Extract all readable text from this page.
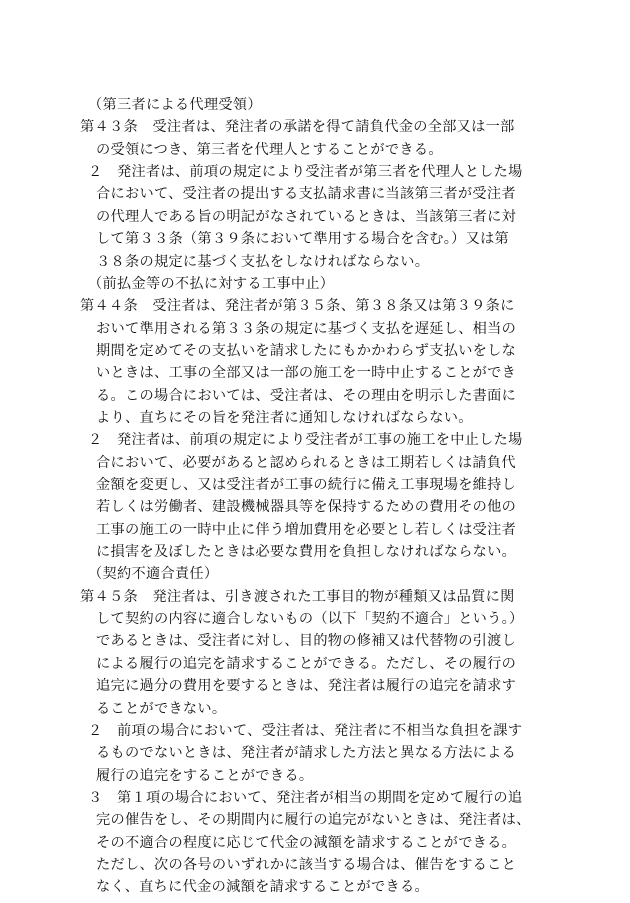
（第三者による代理受領）
第４３条　受注者は、発注者の承諾を得て請負代金の全部又は一部
の受領につき、第三者を代理人とすることができる。
２　発注者は、前項の規定により受注者が第三者を代理人とした場
合において、受注者の提出する支払請求書に当該第三者が受注者
の代理人である旨の明記がなされているときは、当該第三者に対
して第３３条（第３９条において準用する場合を含む。）又は第
３８条の規定に基づく支払をしなければならない。
（前払金等の不払に対する工事中止）
第４４条　受注者は、発注者が第３５条、第３８条又は第３９条に
おいて準用される第３３条の規定に基づく支払を遅延し、相当の
期間を定めてその支払いを請求したにもかかわらず支払いをしな
いときは、工事の全部又は一部の施工を一時中止することができ
る。この場合においては、受注者は、その理由を明示した書面に
より、直ちにその旨を発注者に通知しなければならない。
２　発注者は、前項の規定により受注者が工事の施工を中止した場
合において、必要があると認められるときは工期若しくは請負代
金額を変更し、又は受注者が工事の続行に備え工事現場を維持し
若しくは労働者、建設機械器具等を保持するための費用その他の
工事の施工の一時中止に伴う増加費用を必要とし若しくは受注者
に損害を及ぼしたときは必要な費用を負担しなければならない。
（契約不適合責任）
第４５条　発注者は、引き渡された工事目的物が種類又は品質に関
して契約の内容に適合しないもの（以下「契約不適合」という。）
であるときは、受注者に対し、目的物の修補又は代替物の引渡し
による履行の追完を請求することができる。ただし、その履行の
追完に過分の費用を要するときは、発注者は履行の追完を請求す
ることができない。
２　前項の場合において、受注者は、発注者に不相当な負担を課す
るものでないときは、発注者が請求した方法と異なる方法による
履行の追完をすることができる。
３　第１項の場合において、発注者が相当の期間を定めて履行の追
完の催告をし、その期間内に履行の追完がないときは、発注者は、
その不適合の程度に応じて代金の減額を請求することができる。
ただし、次の各号のいずれかに該当する場合は、催告をすること
なく、直ちに代金の減額を請求することができる。
